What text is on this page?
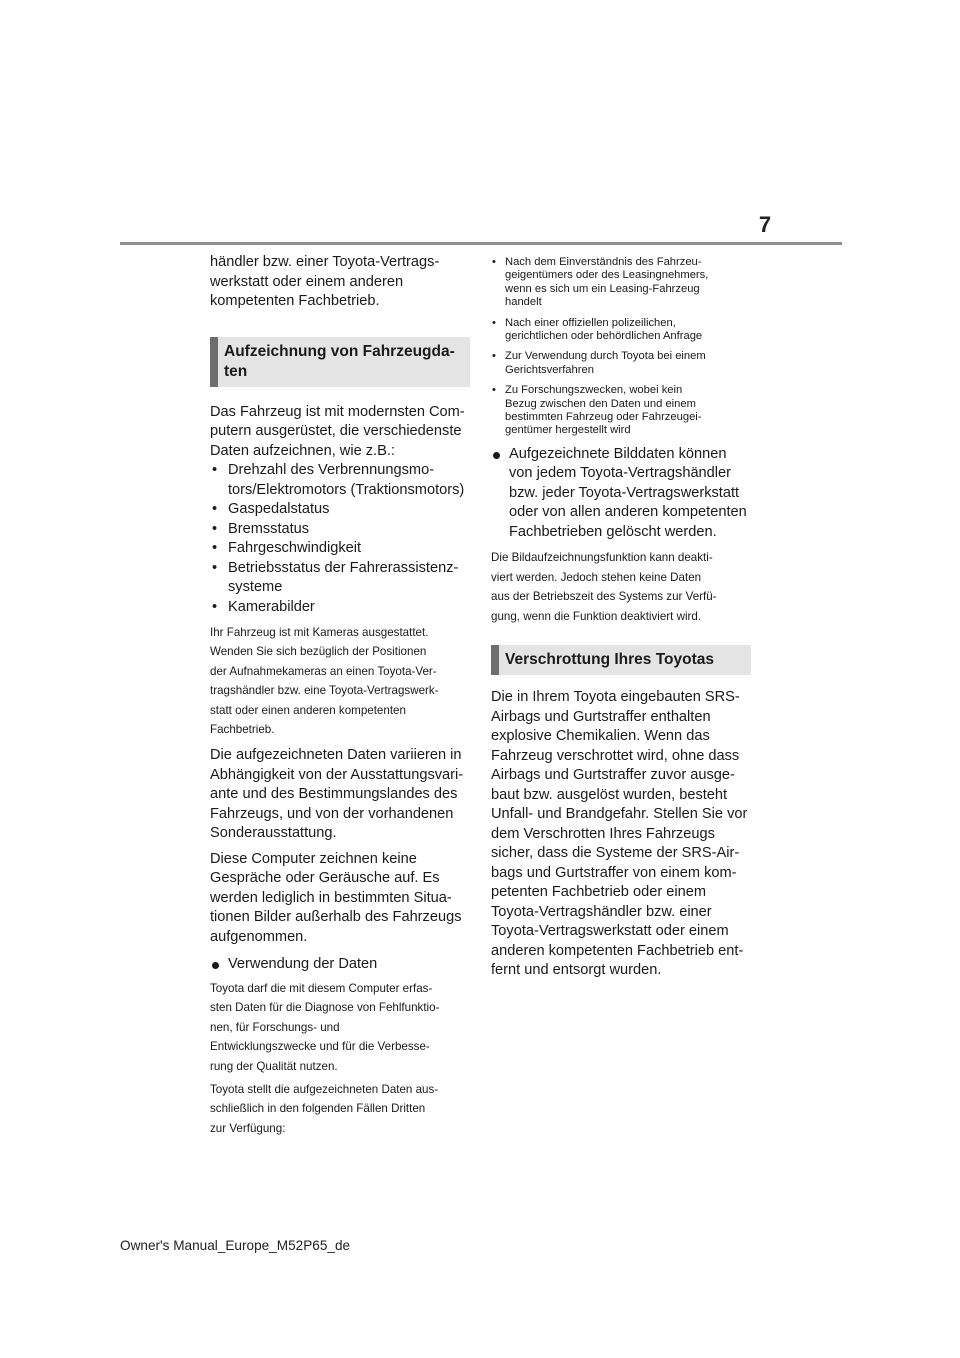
7

händler bzw. einer Toyota-Vertrags-
werkstatt oder einem anderen
kompetenten Fachbetrieb.

Aufzeichnung von Fahrzeugda-
ten

Das Fahrzeug ist mit modernsten Com-
putern ausgerüstet, die verschiedenste
Daten aufzeichnen, wie z.B.:

• Drehzahl des Verbrennungsmo-
tors/Elektromotors (Traktionsmotors)
• Gaspedalstatus
• Bremsstatus
• Fahrgeschwindigkeit
• Betriebsstatus der Fahrerassistenz-
systeme
• Kamerabilder

Ihr Fahrzeug ist mit Kameras ausgestattet.
Wenden Sie sich bezüglich der Positionen
der Aufnahmekameras an einen Toyota-Ver-
tragshändler bzw. eine Toyota-Vertragswerk-
statt oder einen anderen kompetenten
Fachbetrieb.

Die aufgezeichneten Daten variieren in
Abhängigkeit von der Ausstattungsvari-
ante und des Bestimmungslandes des
Fahrzeugs, und von der vorhandenen
Sonderausstattung.

Diese Computer zeichnen keine
Gespräche oder Geräusche auf. Es
werden lediglich in bestimmten Situa-
tionen Bilder außerhalb des Fahrzeugs
aufgenommen.

Verwendung der Daten

Toyota darf die mit diesem Computer erfas-
sten Daten für die Diagnose von Fehlfunktio-
nen, für Forschungs- und
Entwicklungszwecke und für die Verbesse-
rung der Qualität nutzen.

Toyota stellt die aufgezeichneten Daten aus-
schließlich in den folgenden Fällen Dritten
zur Verfügung:

• Nach dem Einverständnis des Fahrzeu-
geigentümers oder des Leasingnehmers,
wenn es sich um ein Leasing-Fahrzeug
handelt
• Nach einer offiziellen polizeilichen,
gerichtlichen oder behördlichen Anfrage
• Zur Verwendung durch Toyota bei einem
Gerichtsverfahren
• Zu Forschungszwecken, wobei kein
Bezug zwischen den Daten und einem
bestimmten Fahrzeug oder Fahrzeugei-
gentümer hergestellt wird
Aufgezeichnete Bilddaten können
von jedem Toyota-Vertragshändler
bzw. jeder Toyota-Vertragswerkstatt
oder von allen anderen kompetenten
Fachbetrieben gelöscht werden.

Die Bildaufzeichnungsfunktion kann deakti-
viert werden. Jedoch stehen keine Daten
aus der Betriebszeit des Systems zur Verfü-
gung, wenn die Funktion deaktiviert wird.

Verschrottung Ihres Toyotas

Die in Ihrem Toyota eingebauten SRS-
Airbags und Gurtstraffer enthalten
explosive Chemikalien. Wenn das
Fahrzeug verschrottet wird, ohne dass
Airbags und Gurtstraffer zuvor ausge-
baut bzw. ausgelöst wurden, besteht
Unfall- und Brandgefahr. Stellen Sie vor
dem Verschrotten Ihres Fahrzeugs
sicher, dass die Systeme der SRS-Air-
bags und Gurtstraffer von einem kom-
petenten Fachbetrieb oder einem
Toyota-Vertragshändler bzw. einer
Toyota-Vertragswerkstatt oder einem
anderen kompetenten Fachbetrieb ent-
fernt und entsorgt wurden.

Owner's Manual_Europe_M52P65_de
